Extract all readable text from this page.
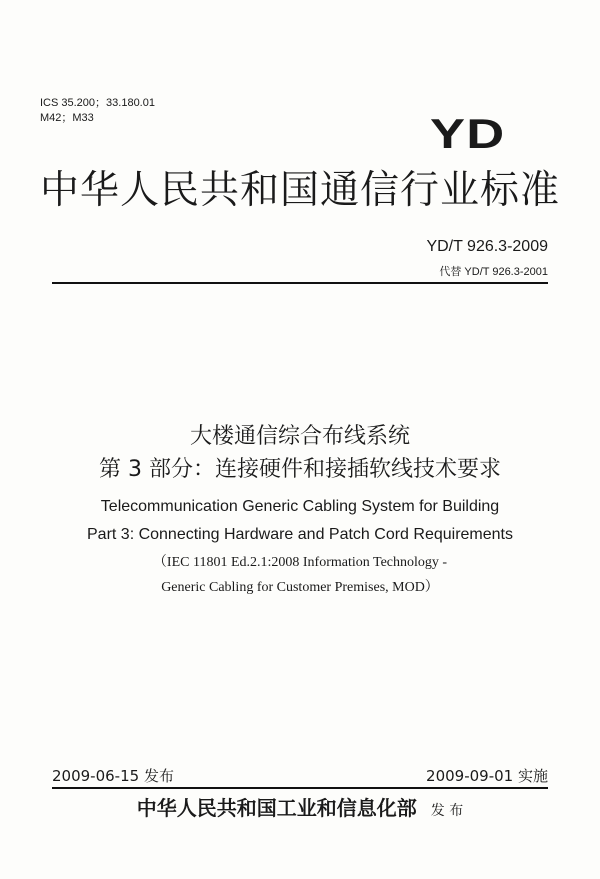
ICS 35.200；33.180.01
M42；M33	YD
中华人民共和国通信行业标准
YD/T 926.3-2009
代替 YD/T 926.3-2001
大楼通信综合布线系统
第 3 部分：连接硬件和接插软线技术要求
Telecommunication Generic Cabling System for Building
Part 3: Connecting Hardware and Patch Cord Requirements
（IEC 11801 Ed.2.1:2008 Information Technology -
Generic Cabling for Customer Premises, MOD）
2009-06-15 发布	2009-09-01 实施
中华人民共和国工业和信息化部 发 布
